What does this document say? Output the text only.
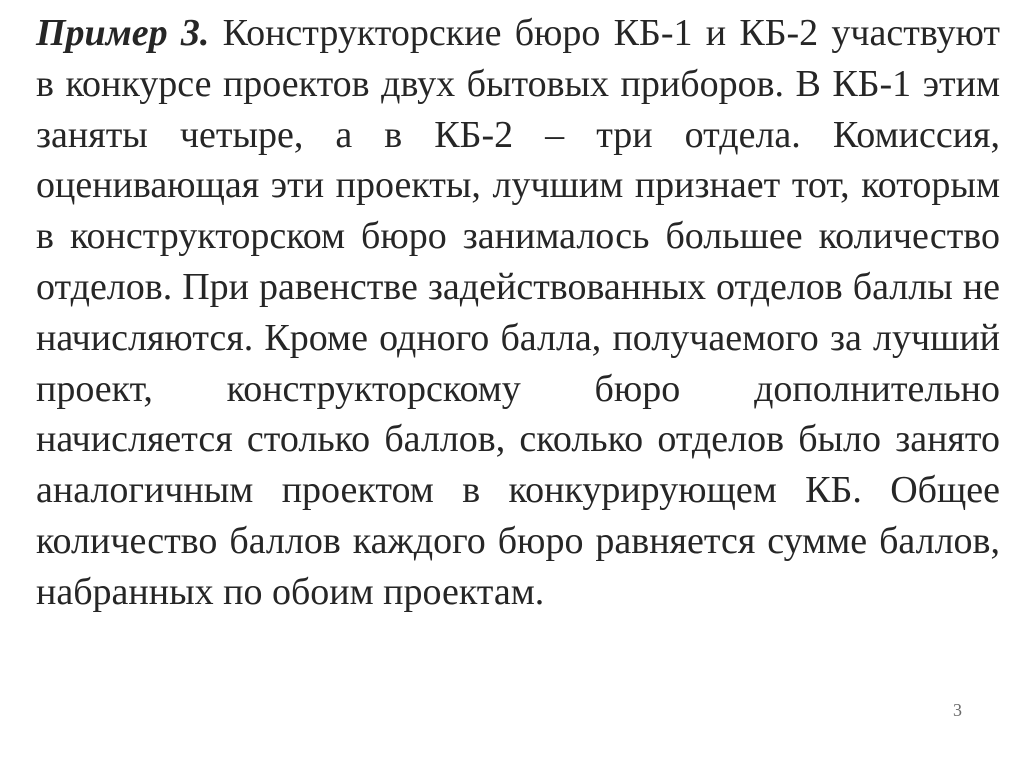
Пример 3. Конструкторские бюро КБ-1 и КБ-2 участвуют в конкурсе проектов двух бытовых приборов. В КБ-1 этим заняты четыре, а в КБ-2 – три отдела. Комиссия, оценивающая эти проекты, лучшим признает тот, которым в конструкторском бюро занималось большее количество отделов. При равенстве задействованных отделов баллы не начисляются. Кроме одного балла, получаемого за лучший проект, конструкторскому бюро дополнительно начисляется столько баллов, сколько отделов было занято аналогичным проектом в конкурирующем КБ. Общее количество баллов каждого бюро равняется сумме баллов, набранных по обоим проектам.

3
